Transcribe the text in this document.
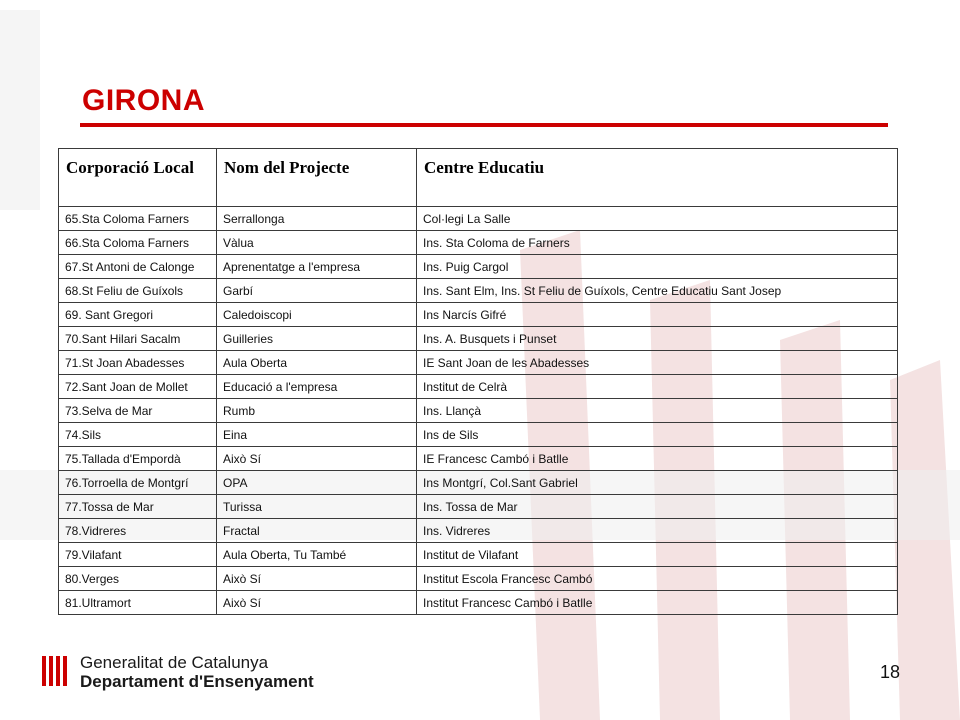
GIRONA
Corporació Local	Nom del Projecte	Centre Educatiu
65.Sta Coloma Farners	Serrallonga	Col·legi La Salle
66.Sta Coloma Farners	Vàlua	Ins. Sta Coloma de Farners
67.St Antoni de Calonge	Aprenentatge a l'empresa	Ins. Puig Cargol
68.St Feliu de Guíxols	Garbí	Ins. Sant Elm, Ins. St Feliu de Guíxols, Centre Educatiu Sant Josep
69. Sant Gregori	Caledoiscopi	Ins Narcís Gifré
70.Sant Hilari Sacalm	Guilleries	Ins. A. Busquets i Punset
71.St Joan Abadesses	Aula Oberta	IE Sant Joan de les Abadesses
72.Sant Joan de Mollet	Educació a l'empresa	Institut de Celrà
73.Selva de Mar	Rumb	Ins. Llançà
74.Sils	Eina	Ins de Sils
75.Tallada d'Empordà	Això Sí	IE Francesc Cambó i Batlle
76.Torroella de Montgrí	OPA	Ins Montgrí, Col.Sant Gabriel
77.Tossa de Mar	Turissa	Ins. Tossa de Mar
78.Vidreres	Fractal	Ins. Vidreres
79.Vilafant	Aula Oberta, Tu També	Institut de Vilafant
80.Verges	Això Sí	Institut Escola Francesc Cambó
81.Ultramort	Això Sí	Institut Francesc Cambó i Batlle

Generalitat de Catalunya
Departament d'Ensenyament	18
